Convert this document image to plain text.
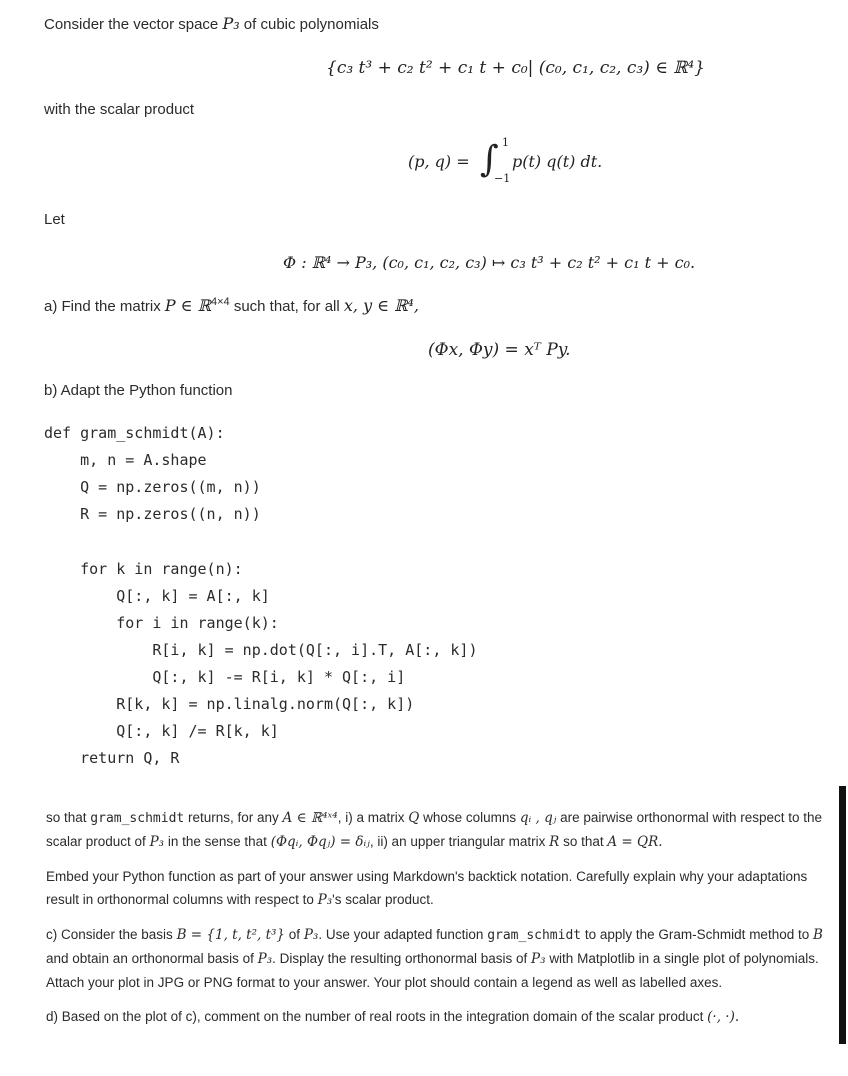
Consider the vector space P₃ of cubic polynomials
{c₃ t³ + c₂ t² + c₁ t + c₀| (c₀, c₁, c₂, c₃) ∈ ℝ⁴}
with the scalar product
(p, q) = ∫ 1
−1
p(t) q(t) dt.
Let
Φ : ℝ⁴ → P₃, (c₀, c₁, c₂, c₃) ↦ c₃ t³ + c₂ t² + c₁ t + c₀.
a) Find the matrix P ∈ ℝ$^{4\times 4}$ such that, for all x, y ∈ ℝ⁴,
(Φx, Φy) = xᵀ Py.
b) Adapt the Python function
def gram_schmidt(A):
m, n = A.shape
Q = np.zeros((m, n))
R = np.zeros((n, n))
for k in range(n):
Q[:, k] = A[:, k]
for i in range(k):
R[i, k] = np.dot(Q[:, i].T, A[:, k])
Q[:, k] -= R[i, k] * Q[:, i]
R[k, k] = np.linalg.norm(Q[:, k])
Q[:, k] /= R[k, k]
return Q, R
so that gram_schmidt returns, for any A ∈ ℝ⁴ˣ⁴, i) a matrix Q whose columns qᵢ , qⱼ are pairwise orthonormal with respect to the scalar product of P₃ in the sense that (Φqᵢ, Φqⱼ) = δᵢⱼ, ii) an upper triangular matrix R so that A = QR.
Embed your Python function as part of your answer using Markdown's backtick notation. Carefully explain why your adaptations result in orthonormal columns with respect to P₃'s scalar product.
c) Consider the basis B = {1, t, t², t³} of P₃. Use your adapted function gram_schmidt to apply the Gram-Schmidt method to B and obtain an orthonormal basis of P₃. Display the resulting orthonormal basis of P₃ with Matplotlib in a single plot of polynomials. Attach your plot in JPG or PNG format to your answer. Your plot should contain a legend as well as labelled axes.
d) Based on the plot of c), comment on the number of real roots in the integration domain of the scalar product (·, ·).
